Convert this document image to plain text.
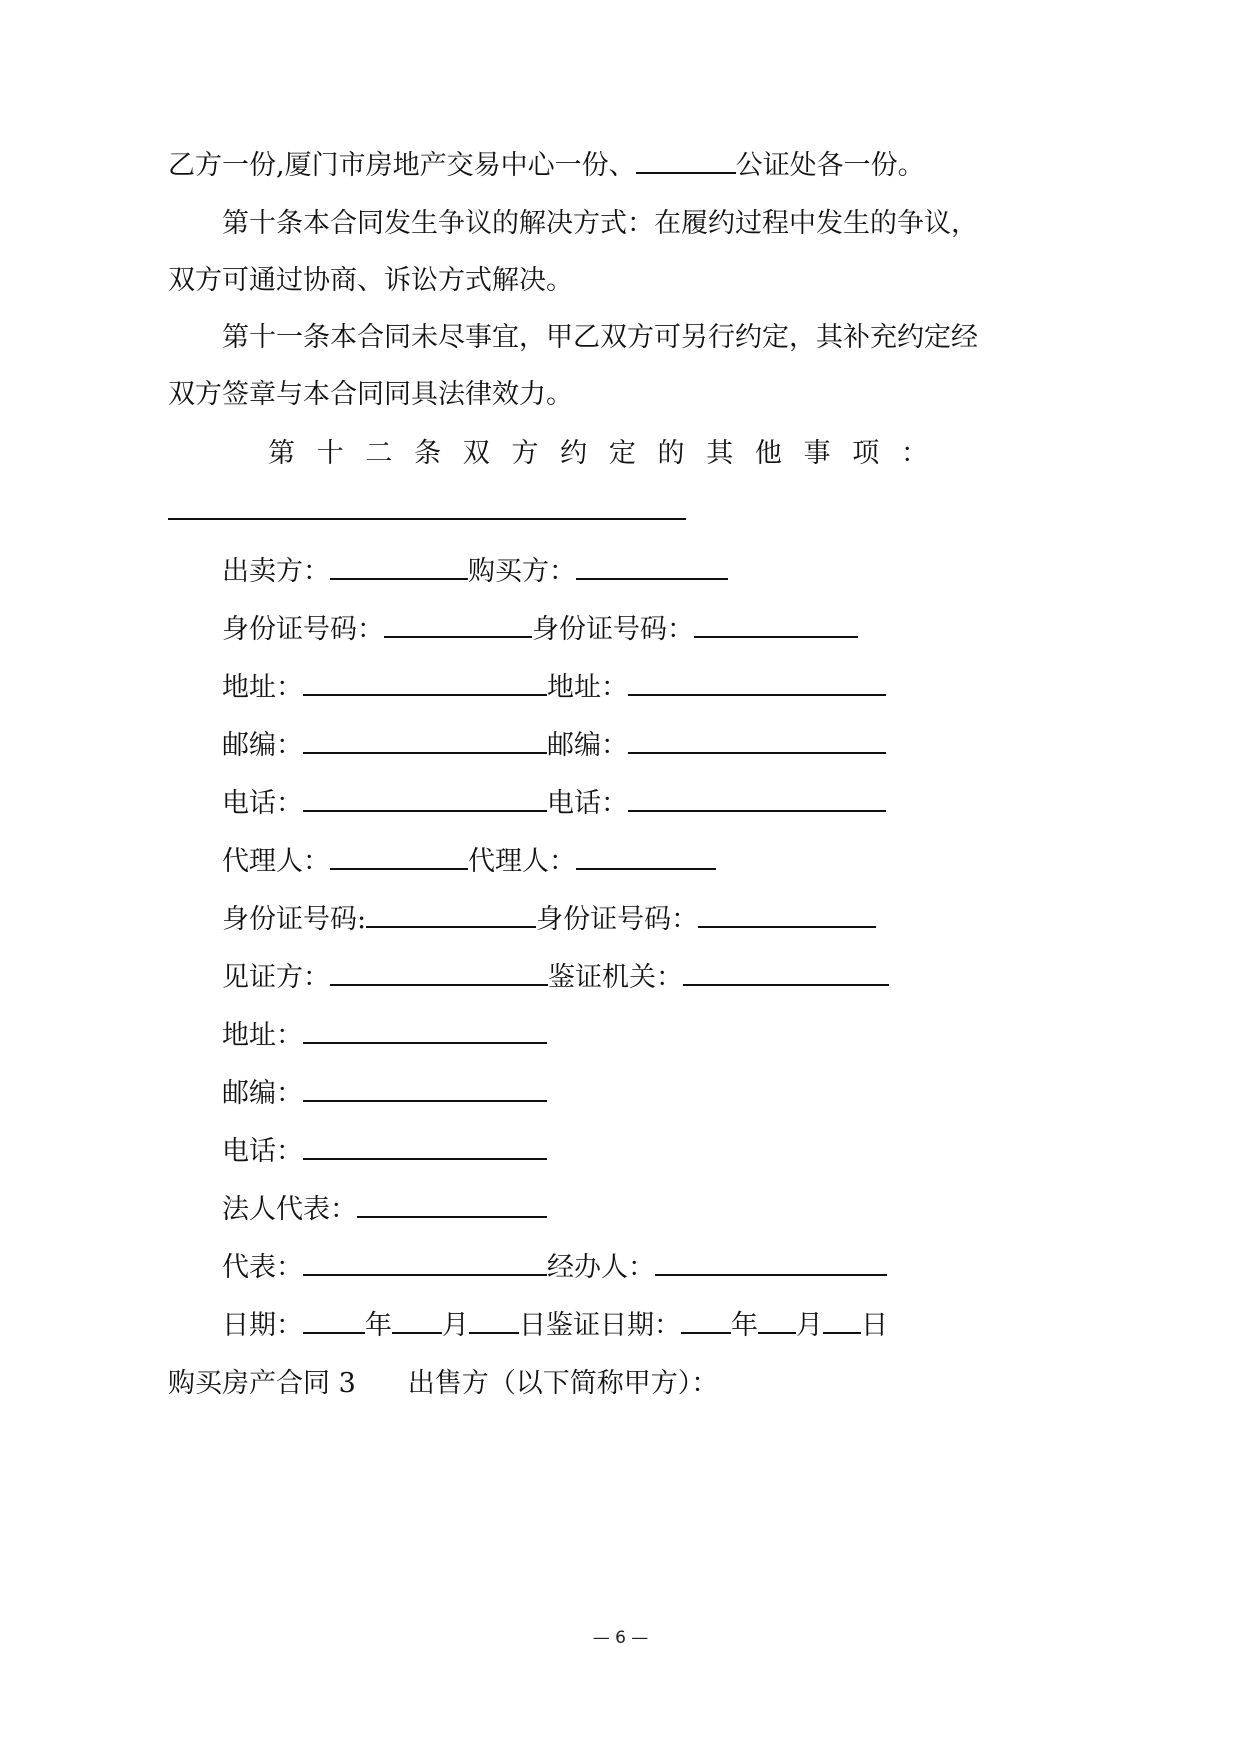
乙方一份,厦门市房地产交易中心一份、	公证处各一份。
第十条本合同发生争议的解决方式：在履约过程中发生的争议，
双方可通过协商、诉讼方式解决。
第十一条本合同未尽事宜，甲乙双方可另行约定，其补充约定经
双方签章与本合同同具法律效力。
第 十 二 条 双 方 约 定 的 其 他 事 项 ：
出卖方：	购买方：
身份证号码：	身份证号码：
地址：	地址：
邮编：	邮编：
电话：	电话：
代理人：	代理人：
身份证号码:	身份证号码：
见证方：	鉴证机关：
地址：
邮编：
电话：
法人代表：
代表：	经办人：
日期： 年 月 日鉴证日期： 年 月 日
购买房产合同 3 出售方（以下简称甲方）：
— 6 —
